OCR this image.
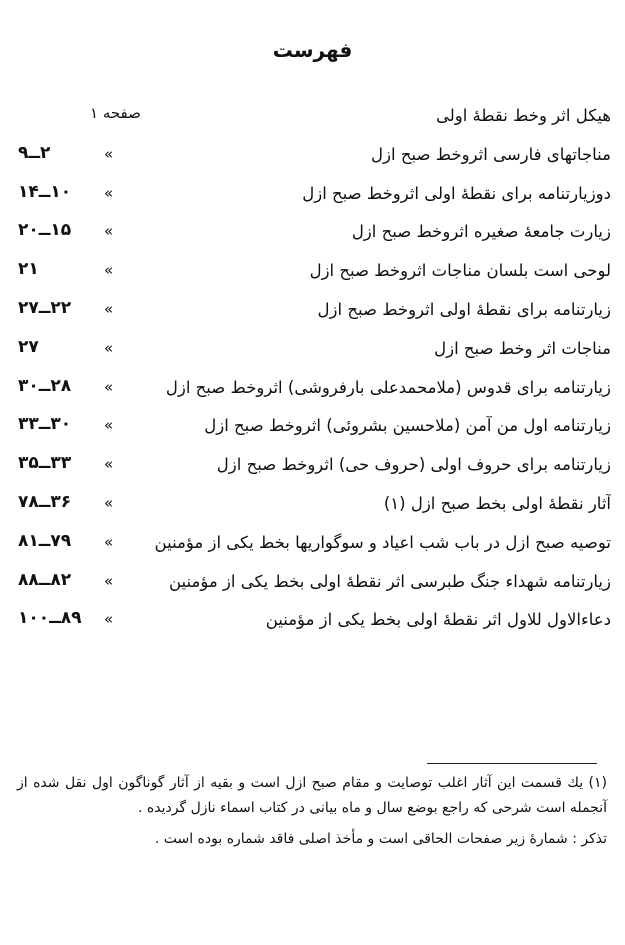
فهرست
هیکل اثر وخط نقطهٔ اولی
صفحه ۱
مناجاتهای فارسی اثروخط صبح ازل
»
۲ــ۹
دوزیارتنامه برای نقطهٔ اولی اثروخط صبح ازل
»
۱۰ــ۱۴
زیارت جامعهٔ صغیره اثروخط صبح ازل
»
۱۵ــ۲۰
لوحی است بلسان مناجات اثروخط صبح ازل
»
۲۱
زیارتنامه برای نقطهٔ اولی اثروخط صبح ازل
»
۲۲ــ۲۷
مناجات اثر وخط صبح ازل
»
۲۷
زیارتنامه برای قدوس (ملامحمدعلی بارفروشی) اثروخط صبح ازل
»
۲۸ــ۳۰
زیارتنامه اول من آمن (ملاحسین بشروئی) اثروخط صبح ازل
»
۳۰ــ۳۳
زیارتنامه برای حروف اولی (حروف حی) اثروخط صبح ازل
»
۳۳ــ۳۵
آثار نقطهٔ اولی بخط صبح ازل (۱)
»
۳۶ــ۷۸
توصیه صبح ازل در باب شب اعیاد و سوگواریها بخط یکی از مؤمنین
»
۷۹ــ۸۱
زیارتنامه شهداء جنگ طبرسی اثر نقطهٔ اولی بخط یکی از مؤمنین
»
۸۲ــ۸۸
دعاءالاول للاول اثر نقطهٔ اولی بخط یکی از مؤمنین
»
۸۹ــ۱۰۰

(۱) یك قسمت این آثار اغلب توصایت و مقام صبح ازل است و بقیه از آثار گوناگون اول نقل شده از آنجمله است شرحی که راجع بوضع سال و ماه بیانی در کتاب اسماء نازل گردیده .

تذکر : شمارهٔ زیر صفحات الحاقی است و مأخذ اصلی فاقد شماره بوده است .
